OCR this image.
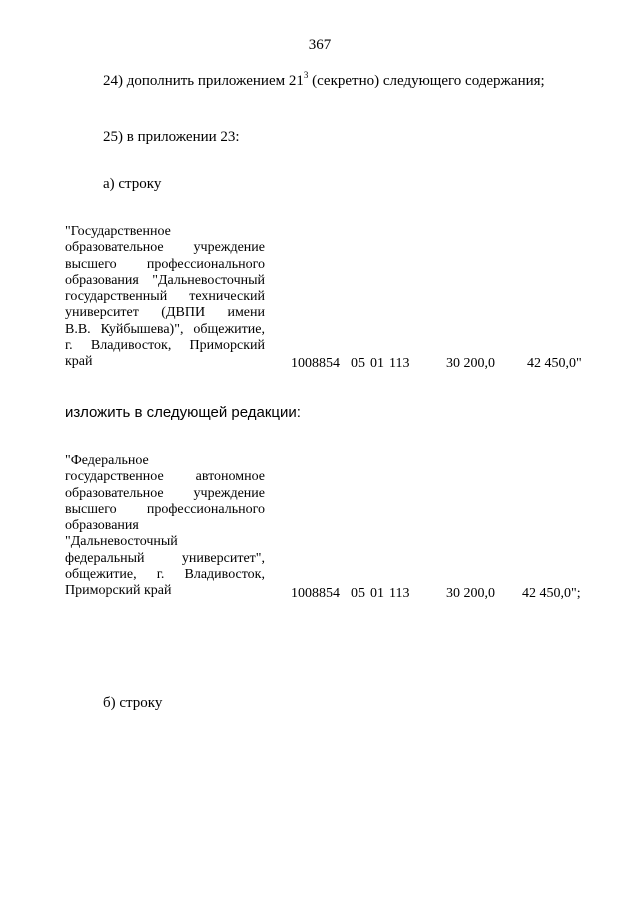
367
24) дополнить приложением $21^3$ (секретно) следующего содержания;
25) в приложении 23:
а) строку
"Государственное
образовательное учреждение
высшего профессионального
образования "Дальневосточный
государственный технический
университет (ДВПИ имени
В.В. Куйбышева)", общежитие,
г. Владивосток, Приморский
край	1008854 05 01 113	30 200,0 42 450,0"
изложить в следующей редакции:
"Федеральное
государственное автономное
образовательное учреждение
высшего профессионального
образования
"Дальневосточный
федеральный университет",
общежитие, г. Владивосток,
Приморский край	1008854 05 01 113	30 200,0 42 450,0";
б) строку
